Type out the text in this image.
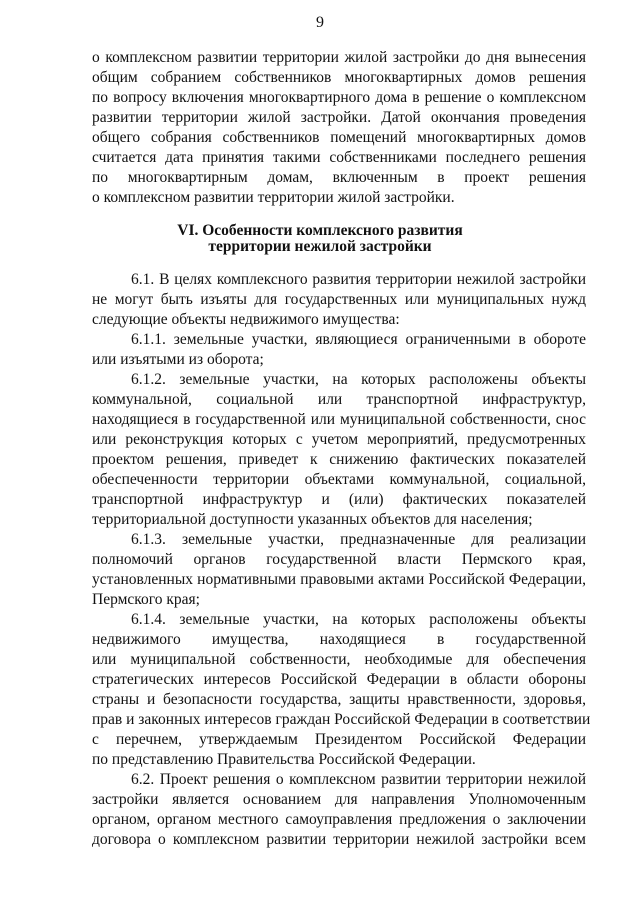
9
о комплексном развитии территории жилой застройки до дня вынесения
общим собранием собственников многоквартирных домов решения
по вопросу включения многоквартирного дома в решение о комплексном
развитии территории жилой застройки. Датой окончания проведения
общего собрания собственников помещений многоквартирных домов
считается дата принятия такими собственниками последнего решения
по многоквартирным домам, включенным в проект решения
о комплексном развитии территории жилой застройки.
VI. Особенности комплексного развития
территории нежилой застройки
6.1. В целях комплексного развития территории нежилой застройки
не могут быть изъяты для государственных или муниципальных нужд
следующие объекты недвижимого имущества:
6.1.1. земельные участки, являющиеся ограниченными в обороте
или изъятыми из оборота;
6.1.2. земельные участки, на которых расположены объекты
коммунальной, социальной или транспортной инфраструктур,
находящиеся в государственной или муниципальной собственности, снос
или реконструкция которых с учетом мероприятий, предусмотренных
проектом решения, приведет к снижению фактических показателей
обеспеченности территории объектами коммунальной, социальной,
транспортной инфраструктур и (или) фактических показателей
территориальной доступности указанных объектов для населения;
6.1.3. земельные участки, предназначенные для реализации
полномочий органов государственной власти Пермского края,
установленных нормативными правовыми актами Российской Федерации,
Пермского края;
6.1.4. земельные участки, на которых расположены объекты
недвижимого имущества, находящиеся в государственной
или муниципальной собственности, необходимые для обеспечения
стратегических интересов Российской Федерации в области обороны
страны и безопасности государства, защиты нравственности, здоровья,
прав и законных интересов граждан Российской Федерации в соответствии
с перечнем, утверждаемым Президентом Российской Федерации
по представлению Правительства Российской Федерации.
6.2. Проект решения о комплексном развитии территории нежилой
застройки является основанием для направления Уполномоченным
органом, органом местного самоуправления предложения о заключении
договора о комплексном развитии территории нежилой застройки всем
